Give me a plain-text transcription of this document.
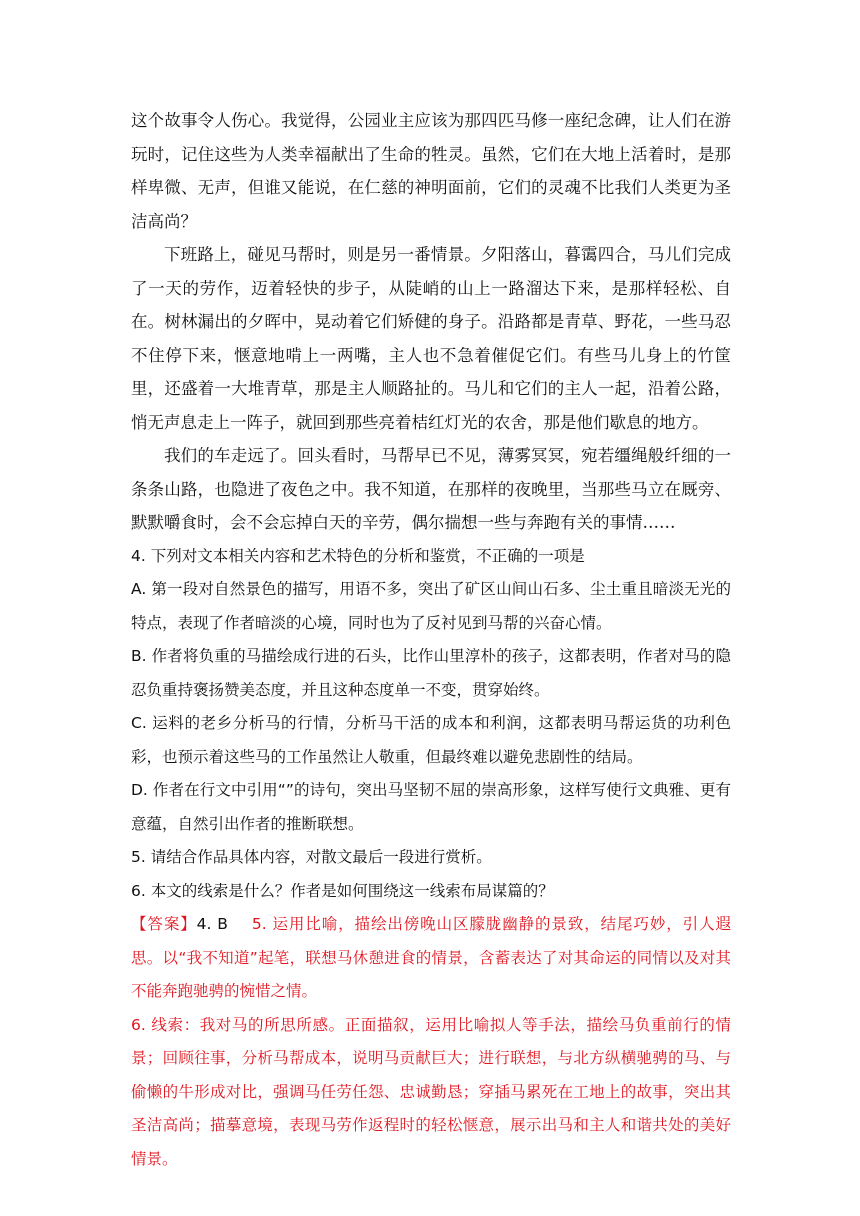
这个故事令人伤心。我觉得，公园业主应该为那四匹马修一座纪念碑，让人们在游玩时，记住这些为人类幸福献出了生命的牲灵。虽然，它们在大地上活着时，是那样卑微、无声，但谁又能说，在仁慈的神明面前，它们的灵魂不比我们人类更为圣洁高尚？

下班路上，碰见马帮时，则是另一番情景。夕阳落山，暮霭四合，马儿们完成了一天的劳作，迈着轻快的步子，从陡峭的山上一路溜达下来，是那样轻松、自在。树林漏出的夕晖中，晃动着它们矫健的身子。沿路都是青草、野花，一些马忍不住停下来，惬意地啃上一两嘴，主人也不急着催促它们。有些马儿身上的竹筐里，还盛着一大堆青草，那是主人顺路扯的。马儿和它们的主人一起，沿着公路，悄无声息走上一阵子，就回到那些亮着桔红灯光的农舍，那是他们歇息的地方。

我们的车走远了。回头看时，马帮早已不见，薄雾冥冥，宛若缰绳般纤细的一条条山路，也隐进了夜色之中。我不知道，在那样的夜晚里，当那些马立在厩旁、默默嚼食时，会不会忘掉白天的辛劳，偶尔揣想一些与奔跑有关的事情……

4. 下列对文本相关内容和艺术特色的分析和鉴赏，不正确的一项是

A. 第一段对自然景色的描写，用语不多，突出了矿区山间山石多、尘土重且暗淡无光的特点，表现了作者暗淡的心境，同时也为了反衬见到马帮的兴奋心情。

B. 作者将负重的马描绘成行进的石头，比作山里淳朴的孩子，这都表明，作者对马的隐忍负重持褒扬赞美态度，并且这种态度单一不变，贯穿始终。

C. 运料的老乡分析马的行情，分析马干活的成本和利润，这都表明马帮运货的功利色彩，也预示着这些马的工作虽然让人敬重，但最终难以避免悲剧性的结局。

D. 作者在行文中引用“”的诗句，突出马坚韧不屈的崇高形象，这样写使行文典雅、更有意蕴，自然引出作者的推断联想。

5. 请结合作品具体内容，对散文最后一段进行赏析。

6. 本文的线索是什么？作者是如何围绕这一线索布局谋篇的？

【答案】4. B 5. 运用比喻，描绘出傍晚山区朦胧幽静的景致，结尾巧妙，引人遐思。以“我不知道”起笔，联想马休憩进食的情景，含蓄表达了对其命运的同情以及对其不能奔跑驰骋的惋惜之情。

6. 线索：我对马的所思所感。正面描叙，运用比喻拟人等手法，描绘马负重前行的情景；回顾往事，分析马帮成本，说明马贡献巨大；进行联想，与北方纵横驰骋的马、与偷懒的牛形成对比，强调马任劳任怨、忠诚勤恳；穿插马累死在工地上的故事，突出其圣洁高尚；描摹意境，表现马劳作返程时的轻松惬意，展示出马和主人和谐共处的美好情景。
